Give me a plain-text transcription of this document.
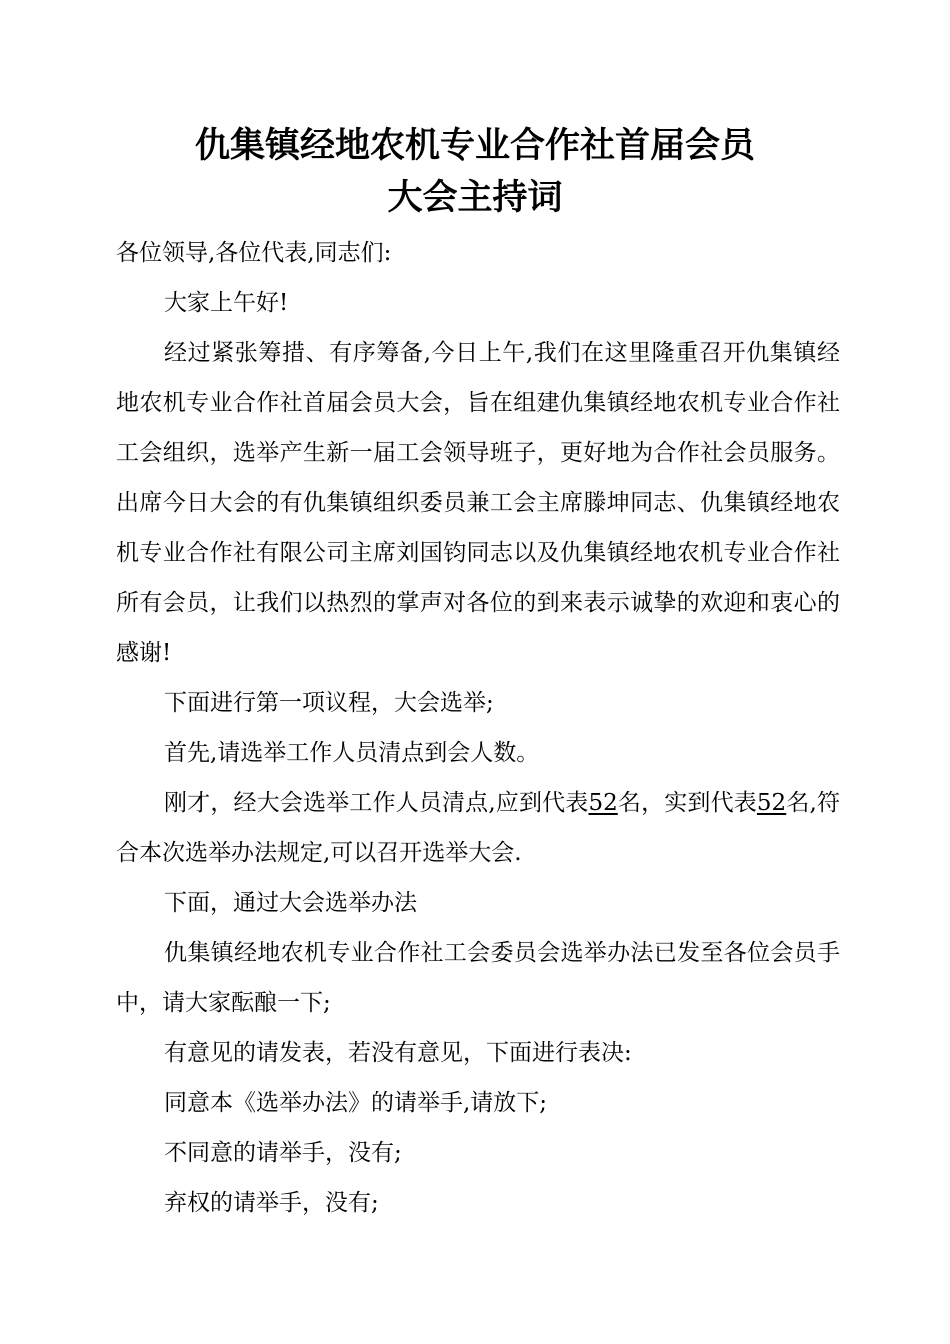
仇集镇经地农机专业合作社首届会员
大会主持词

各位领导,各位代表,同志们:

大家上午好!

经过紧张筹措、有序筹备,今日上午,我们在这里隆重召开仇集镇经地农机专业合作社首届会员大会，旨在组建仇集镇经地农机专业合作社工会组织，选举产生新一届工会领导班子，更好地为合作社会员服务。出席今日大会的有仇集镇组织委员兼工会主席滕坤同志、仇集镇经地农机专业合作社有限公司主席刘国钧同志以及仇集镇经地农机专业合作社所有会员，让我们以热烈的掌声对各位的到来表示诚挚的欢迎和衷心的感谢!

下面进行第一项议程，大会选举;

首先,请选举工作人员清点到会人数。

刚才，经大会选举工作人员清点,应到代表52名，实到代表52名,符合本次选举办法规定,可以召开选举大会.

下面，通过大会选举办法

仇集镇经地农机专业合作社工会委员会选举办法已发至各位会员手中，请大家酝酿一下;

有意见的请发表，若没有意见，下面进行表决:

同意本《选举办法》的请举手,请放下;

不同意的请举手，没有;

弃权的请举手，没有;
